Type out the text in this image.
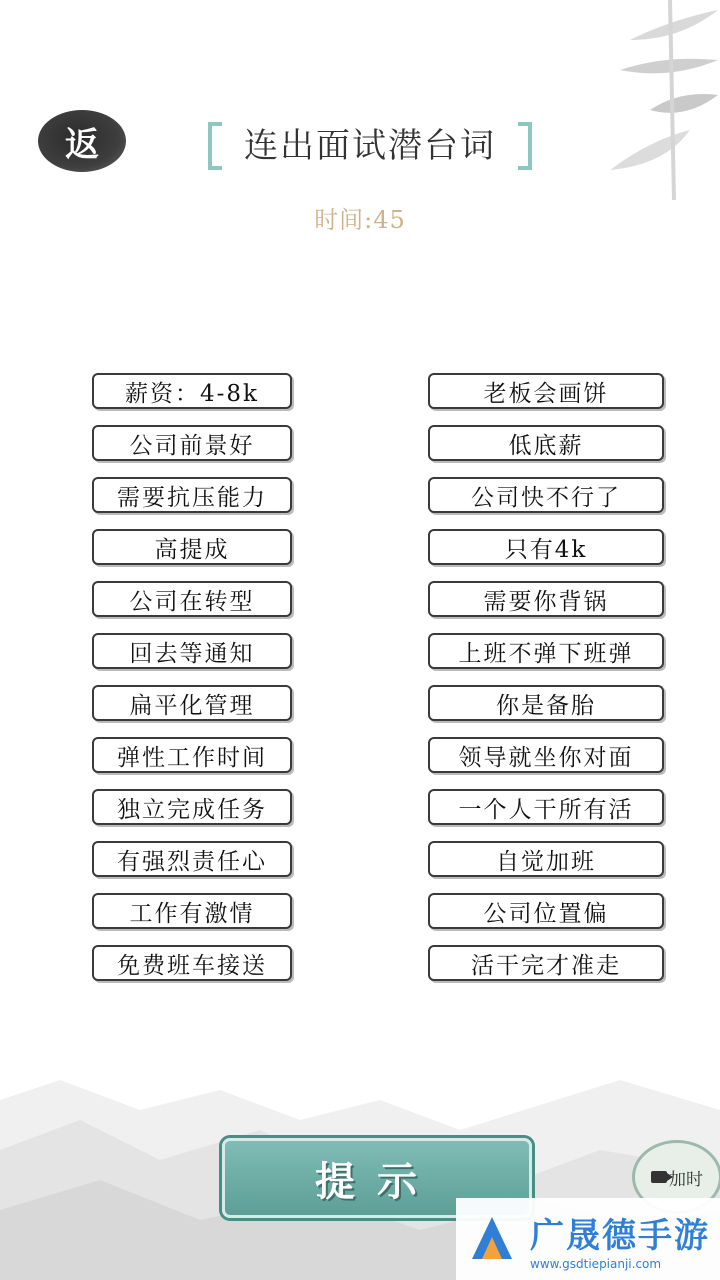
返	连出面试潜台词
时间:45
薪资：4-8k
公司前景好
需要抗压能力
高提成
公司在转型
回去等通知
扁平化管理
弹性工作时间
独立完成任务
有强烈责任心
工作有激情
免费班车接送
老板会画饼
低底薪
公司快不行了
只有4k
需要你背锅
上班不弹下班弹
你是备胎
领导就坐你对面
一个人干所有活
自觉加班
公司位置偏
活干完才准走
提示	加时
广晟德手游
www.gsdtiepianji.com
